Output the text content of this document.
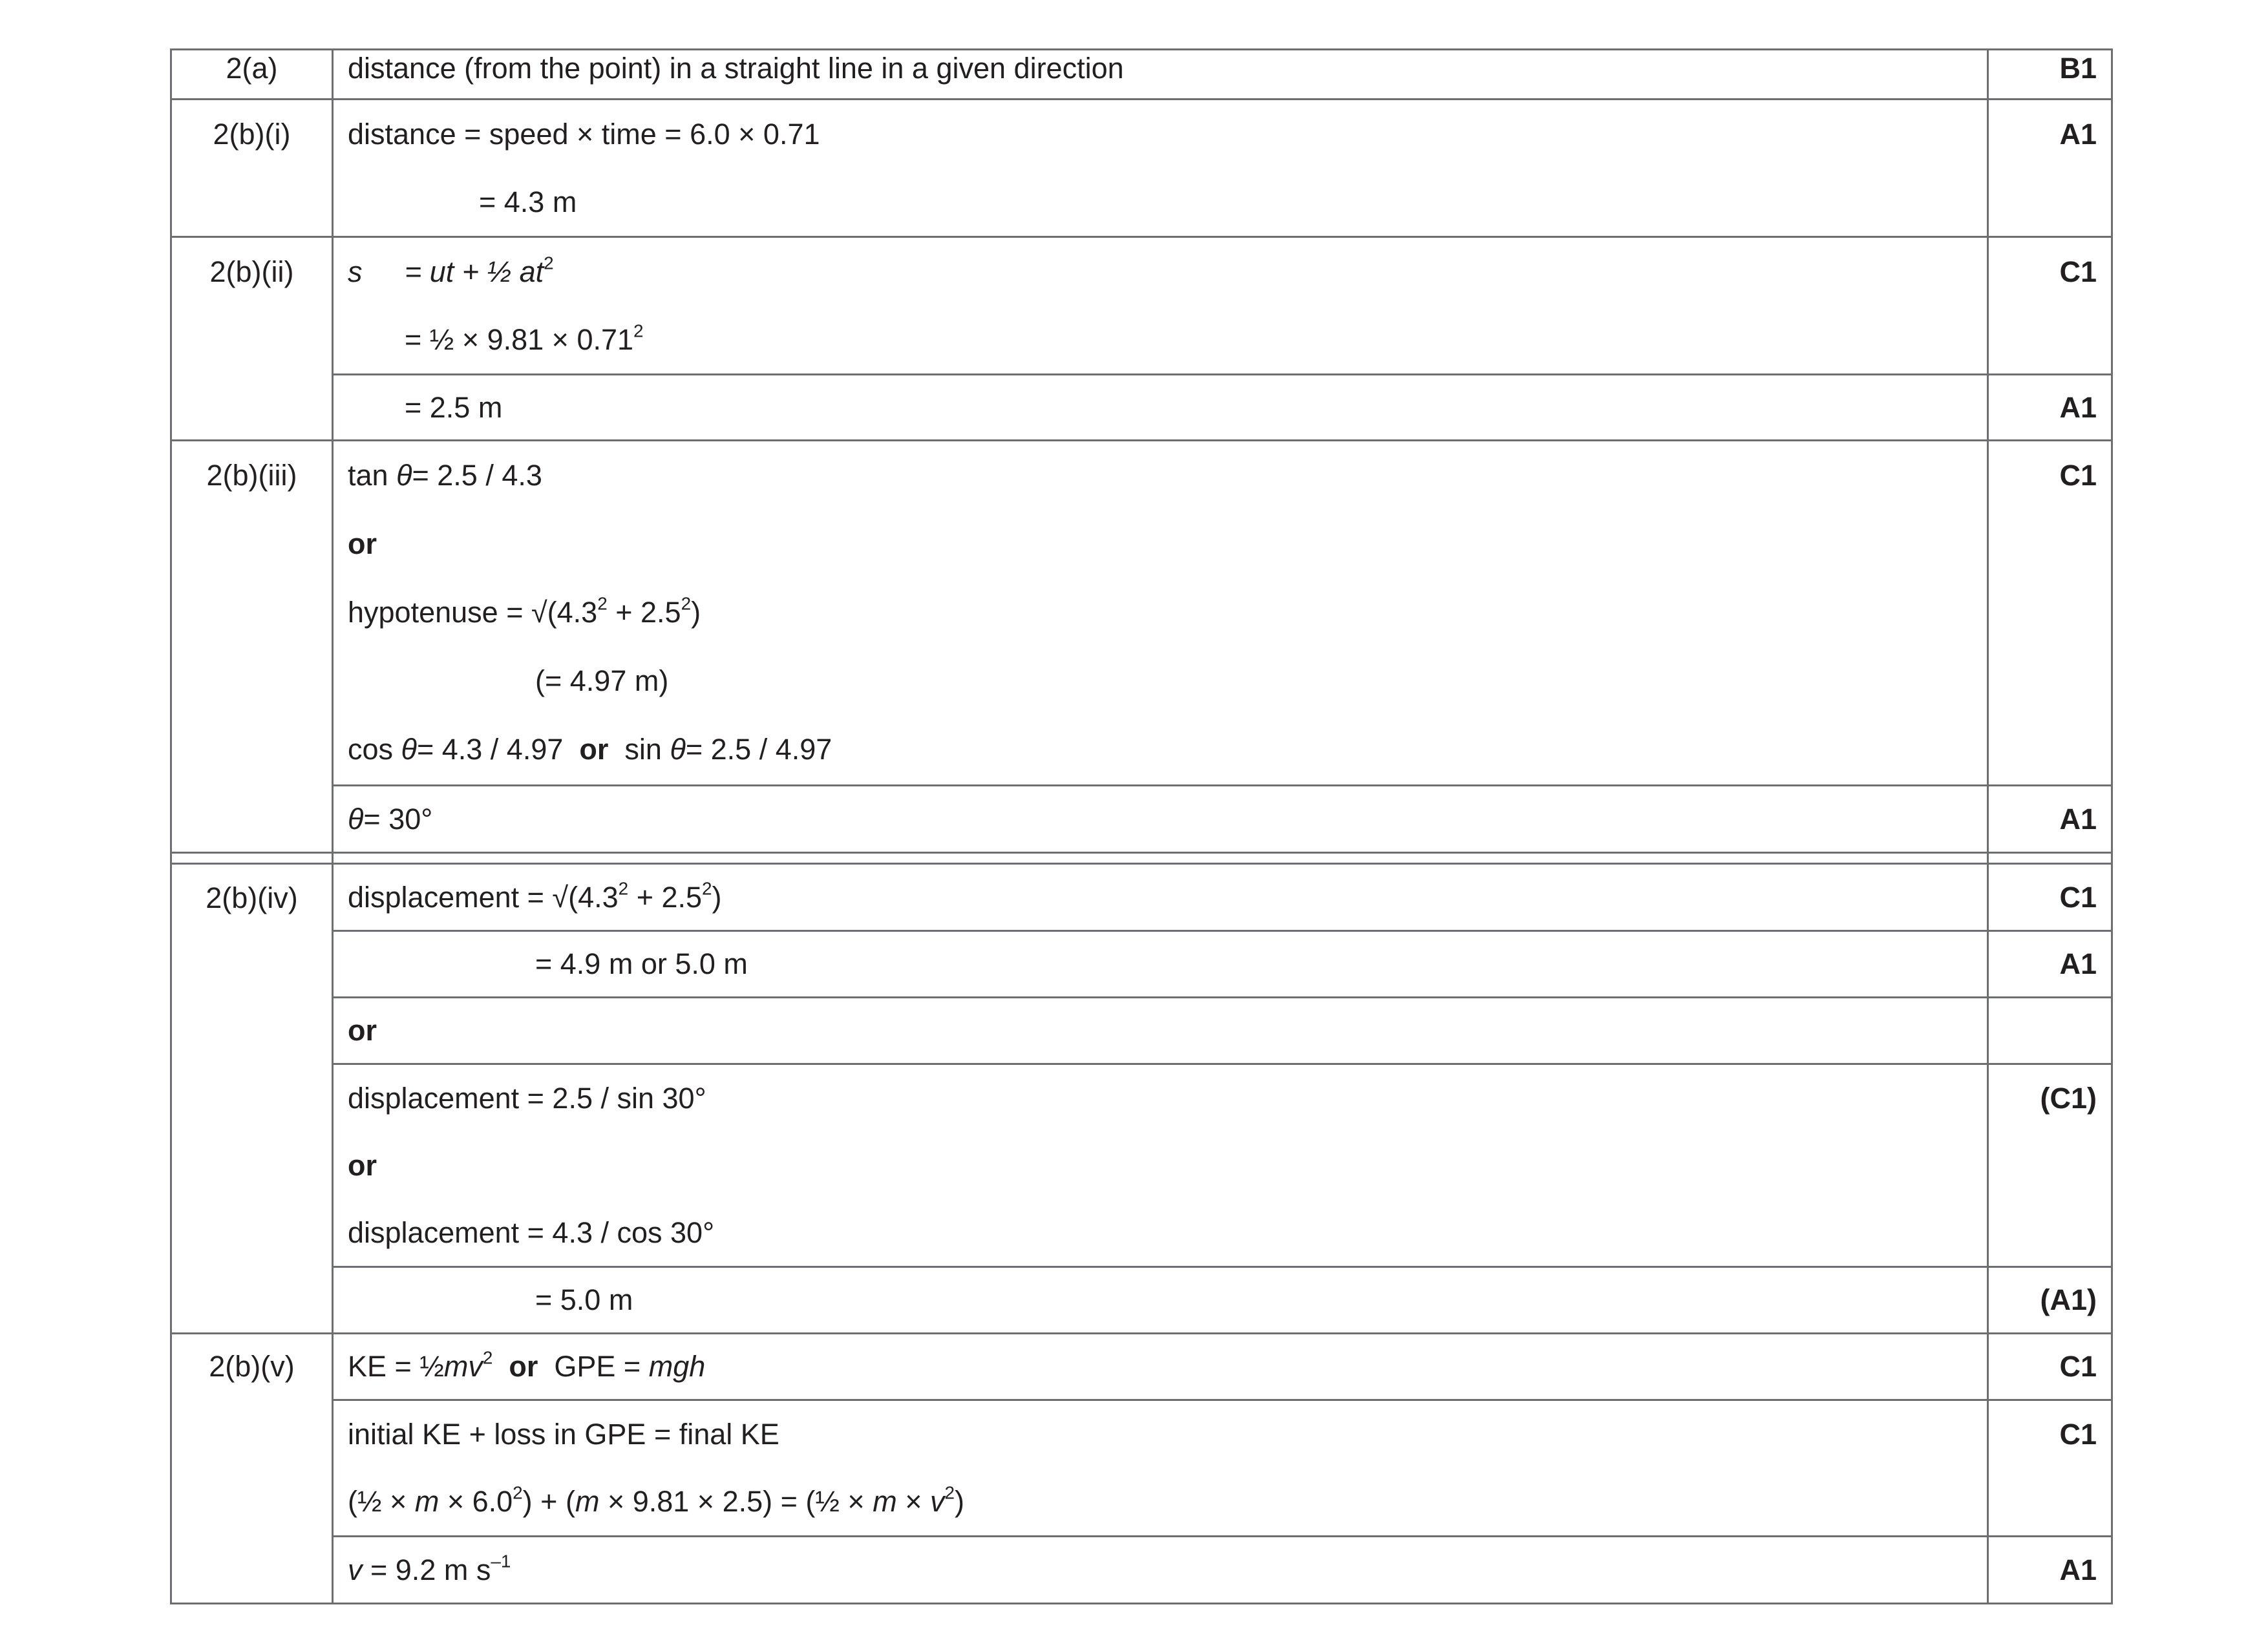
2(a)	distance (from the point) in a straight line in a given direction	B1
2(b)(i)	distance = speed × time = 6.0 × 0.71
= 4.3 m	A1
2(b)(ii)	s = ut + ½ $at^2$
= ½ × $9.81 \times 0.71^2$	C1

	= 2.5 m	A1
2(b)(iii)	tan θ= 2.5 / 4.3
or
hypotenuse = $√(4.3^2 + 2.5^2)$
(= 4.97 m)
cos θ= 4.3 / 4.97 or  sin θ= 2.5 / 4.97	C1

	θ= 30°	A1

2(b)(iv)	displacement = $√(4.3^2 + 2.5^2)$	C1

	= 4.9 m or 5.0 m	A1

	or	

	displacement = 2.5 / sin 30°
or
displacement = 4.3 / cos 30°	(C1)

	= 5.0 m	(A1)
2(b)(v)	KE = $\frac{1}{2}mv^2$ or GPE = mgh	C1

	initial KE + loss in GPE = final KE
(½ × $m \times 6.0^2) + (m \times 9.81 \times 2.5)$ = (½ × $m \times v^2$)	C1

	v = 9.2 m $s^{-1}$	A1
